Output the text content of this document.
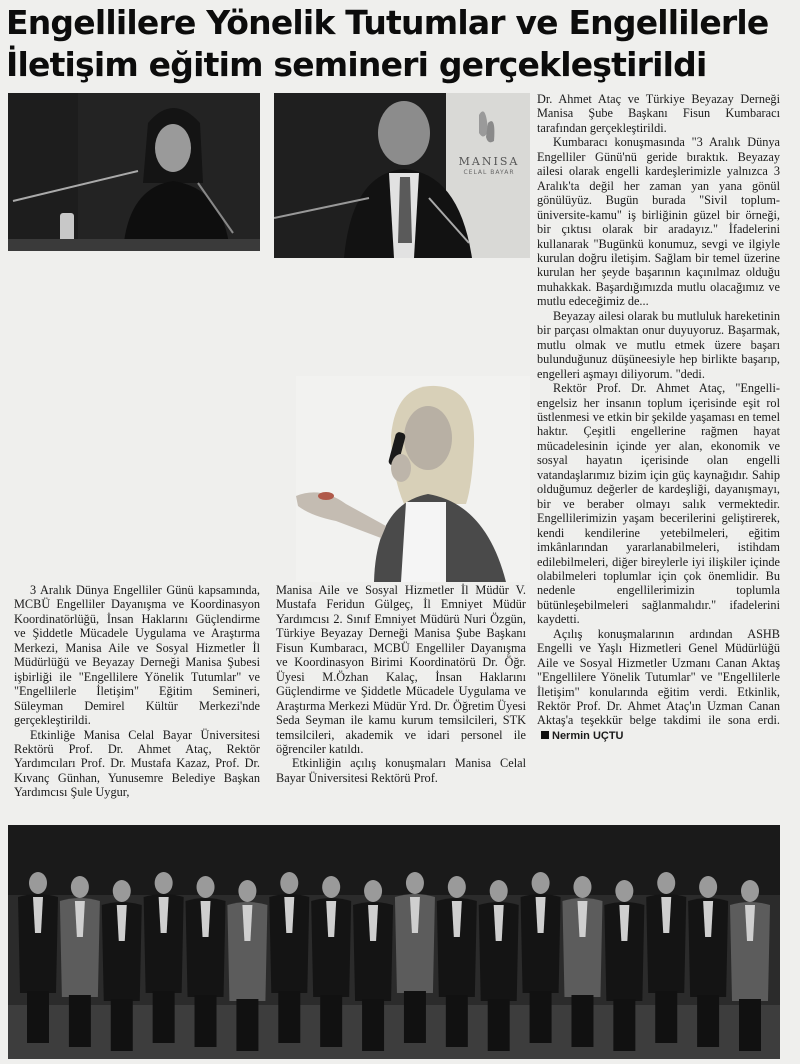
Engellilere Yönelik Tutumlar ve Engellilerle
İletişim eğitim semineri gerçekleştirildi
MANISA
CELAL BAYAR

3 Aralık Dünya Engelliler Günü kapsamında, MCBÜ Engelliler Dayanışma ve Koordinasyon Koordinatörlüğü, İnsan Haklarını Güçlendirme ve Şiddetle Mücadele Uygulama ve Araştırma Merkezi, Manisa Aile ve Sosyal Hizmetler İl Müdürlüğü ve Beyazay Derneği Manisa Şubesi işbirliği ile "Engellilere Yönelik Tutumlar" ve "Engellilerle İletişim" Eğitim Semineri, Süleyman Demirel Kültür Merkezi'nde gerçekleştirildi.

Etkinliğe Manisa Celal Bayar Üniversitesi Rektörü Prof. Dr. Ahmet Ataç, Rektör Yardımcıları Prof. Dr. Mustafa Kazaz, Prof. Dr. Kıvanç Günhan, Yunusemre Belediye Başkan Yardımcısı Şule Uygur,

Manisa Aile ve Sosyal Hizmetler İl Müdür V. Mustafa Feridun Gülgeç, İl Emniyet Müdür Yardımcısı 2. Sınıf Emniyet Müdürü Nuri Özgün, Türkiye Beyazay Derneği Manisa Şube Başkanı Fisun Kumbaracı, MCBÜ Engelliler Dayanışma ve Koordinasyon Birimi Koordinatörü Dr. Öğr. Üyesi M.Özhan Kalaç, İnsan Haklarını Güçlendirme ve Şiddetle Mücadele Uygulama ve Araştırma Merkezi Müdür Yrd. Dr. Öğretim Üyesi Seda Seyman ile kamu kurum temsilcileri, STK temsilcileri, akademik ve idari personel ile öğrenciler katıldı.

Etkinliğin açılış konuşmaları Manisa Celal Bayar Üniversitesi Rektörü Prof.

Dr. Ahmet Ataç ve Türkiye Beyazay Derneği Manisa Şube Başkanı Fisun Kumbaracı tarafından gerçekleştirildi.

Kumbaracı konuşmasında "3 Aralık Dünya Engelliler Günü'nü geride bıraktık. Beyazay ailesi olarak engelli kardeşlerimizle yalnızca 3 Aralık'ta değil her zaman yan yana gönül gönülüyüz. Bugün burada "Sivil toplum-üniversite-kamu" iş birliğinin güzel bir örneği, bir çıktısı olarak bir aradayız." İfadelerini kullanarak "Bugünkü konumuz, sevgi ve ilgiyle kurulan doğru iletişim. Sağlam bir temel üzerine kurulan her şeyde başarının kaçınılmaz olduğu muhakkak. Başardığımızda mutlu olacağımız ve mutlu edeceğimiz de...

Beyazay ailesi olarak bu mutluluk hareketinin bir parçası olmaktan onur duyuyoruz. Başarmak, mutlu olmak ve mutlu etmek üzere başarı bulunduğunuz düşüneesiyle hep birlikte başarıp, engelleri aşmayı diliyorum. "dedi.

Rektör Prof. Dr. Ahmet Ataç, "Engelli-engelsiz her insanın toplum içerisinde eşit rol üstlenmesi ve etkin bir şekilde yaşaması en temel haktır. Çeşitli engellerine rağmen hayat mücadelesinin içinde yer alan, ekonomik ve sosyal hayatın içerisinde olan engelli vatandaşlarımız bizim için güç kaynağıdır. Sahip olduğumuz değerler de kardeşliği, dayanışmayı, bir ve beraber olmayı salık vermektedir. Engellilerimizin yaşam becerilerini geliştirerek, kendi kendilerine yetebilmeleri, eğitim imkânlarından yararlanabilmeleri, istihdam edilebilmeleri, diğer bireylerle iyi ilişkiler içinde olabilmeleri toplumlar için çok önemlidir. Bu nedenle engellilerimizin toplumla bütünleşebilmeleri sağlanmalıdır." ifadelerini kaydetti.

Açılış konuşmalarının ardından ASHB Engelli ve Yaşlı Hizmetleri Genel Müdürlüğü Aile ve Sosyal Hizmetler Uzmanı Canan Aktaş "Engellilere Yönelik Tutumlar" ve "Engellilerle İletişim" konularında eğitim verdi. Etkinlik, Rektör Prof. Dr. Ahmet Ataç'ın Uzman Canan Aktaş'a teşekkür belge takdimi ile sona erdi.Nermin UÇTU
